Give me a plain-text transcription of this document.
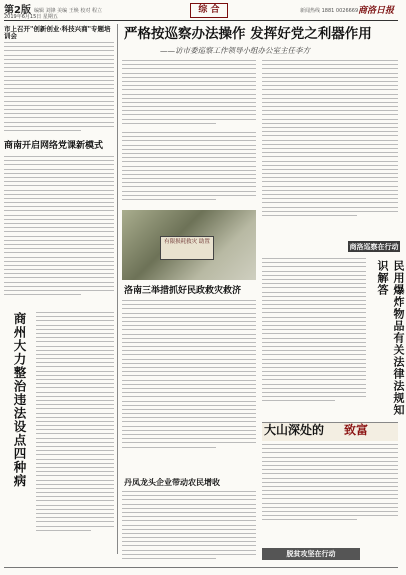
第2版
2019年6月15日 星期五
编辑 刘锋 美编 王焕 校对 程立	综 合	新闻热线 1881 0026669 商洛日报
市上召开"创新创业·科技兴商"专题培训会
商南开启网络党课新模式
商州大力整治违法设点四种病
严格按巡察办法操作 发挥好党之利器作用
——访市委巡察工作领导小组办公室主任李方
商洛巡察在行动
有限损耗救灾 助置
民用爆炸物品有关法律法规知识解答
洛南三举措抓好民政救灾救济
丹凤龙头企业带动农民增收
大山深处的 致富
脱贫攻坚在行动
